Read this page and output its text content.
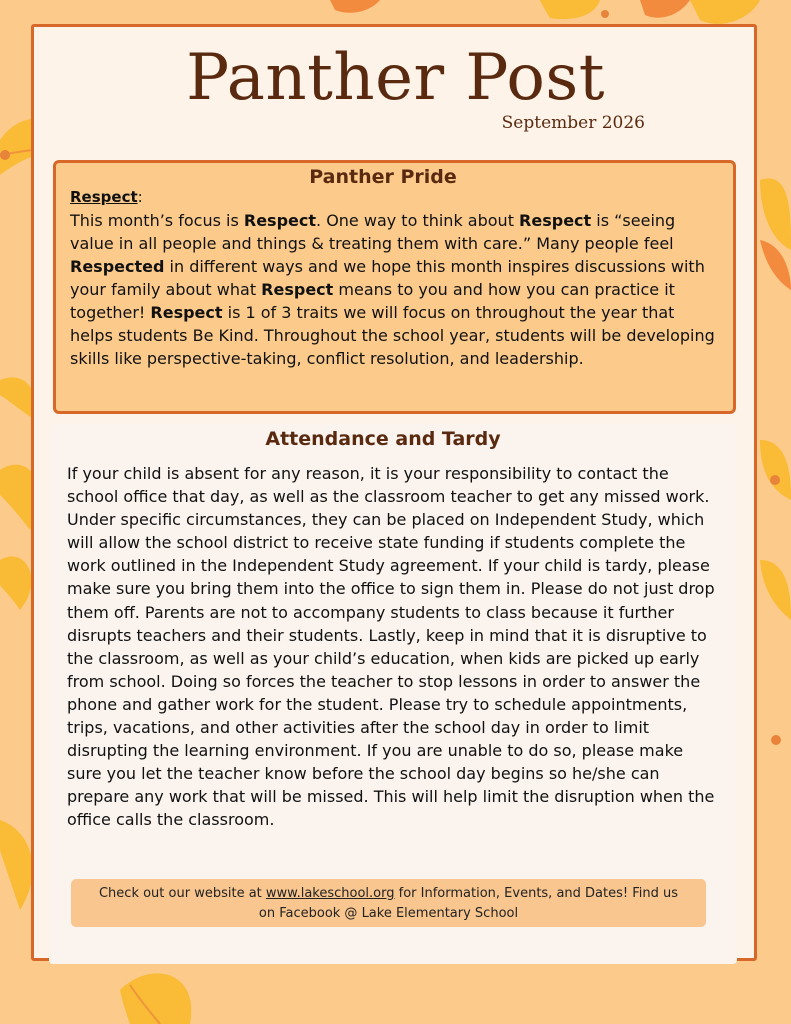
Panther Post
September 2026
Panther Pride
Respect:

This month’s focus is Respect. One way to think about Respect is “seeing value in all people and things & treating them with care.” Many people feel Respected in different ways and we hope this month inspires discussions with your family about what Respect means to you and how you can practice it together! Respect is 1 of 3 traits we will focus on throughout the year that helps students Be Kind. Throughout the school year, students will be developing skills like perspective-taking, conflict resolution, and leadership.

Attendance and Tardy

If your child is absent for any reason, it is your responsibility to contact the school office that day, as well as the classroom teacher to get any missed work. Under specific circumstances, they can be placed on Independent Study, which will allow the school district to receive state funding if students complete the work outlined in the Independent Study agreement. If your child is tardy, please make sure you bring them into the office to sign them in. Please do not just drop them off. Parents are not to accompany students to class because it further disrupts teachers and their students. Lastly, keep in mind that it is disruptive to the classroom, as well as your child’s education, when kids are picked up early from school. Doing so forces the teacher to stop lessons in order to answer the phone and gather work for the student. Please try to schedule appointments, trips, vacations, and other activities after the school day in order to limit disrupting the learning environment. If you are unable to do so, please make sure you let the teacher know before the school day begins so he/she can prepare any work that will be missed. This will help limit the disruption when the office calls the classroom.

Check out our website at www.lakeschool.org for Information, Events, and Dates! Find us on Facebook @ Lake Elementary School
